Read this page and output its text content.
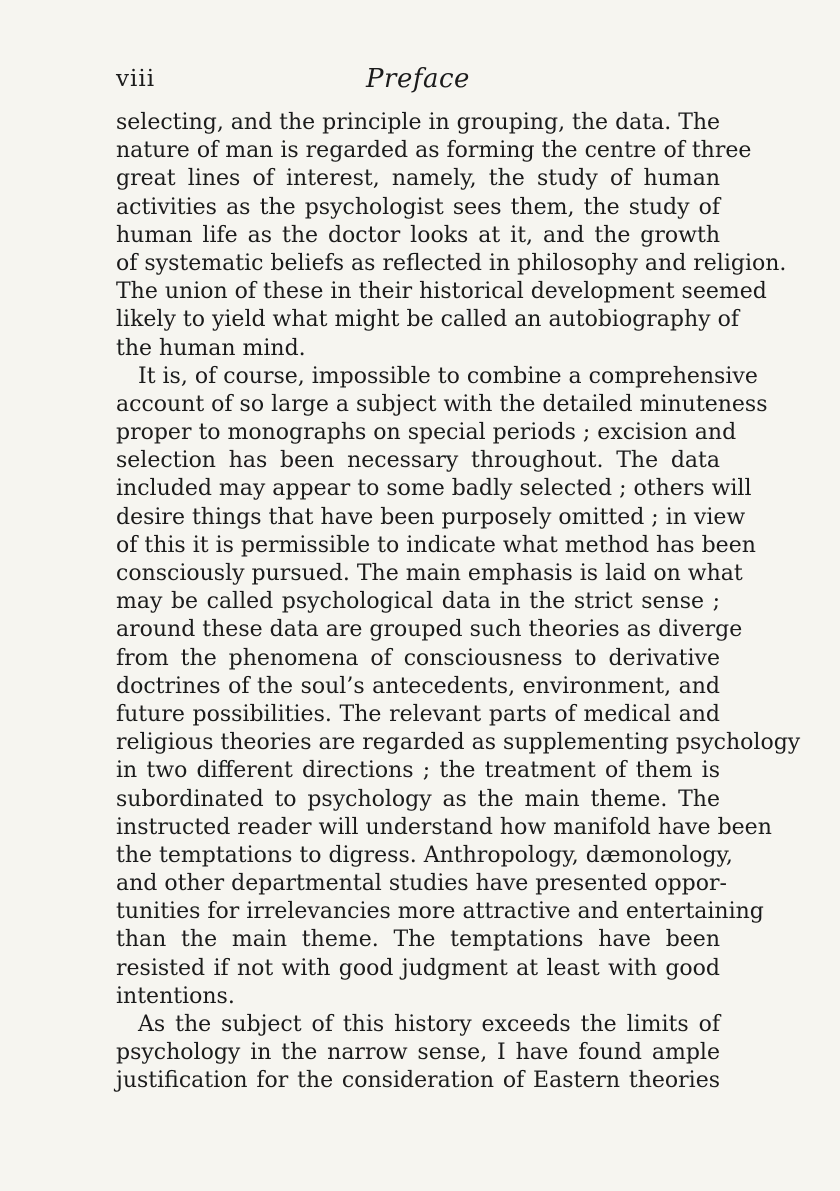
viii	Preface
selecting, and the principle in grouping, the data. The
nature of man is regarded as forming the centre of three
great lines of interest, namely, the study of human
activities as the psychologist sees them, the study of
human life as the doctor looks at it, and the growth
of systematic beliefs as reflected in philosophy and religion.
The union of these in their historical development seemed
likely to yield what might be called an autobiography of
the human mind.
It is, of course, impossible to combine a comprehensive
account of so large a subject with the detailed minuteness
proper to monographs on special periods ; excision and
selection has been necessary throughout. The data
included may appear to some badly selected ; others will
desire things that have been purposely omitted ; in view
of this it is permissible to indicate what method has been
consciously pursued. The main emphasis is laid on what
may be called psychological data in the strict sense ;
around these data are grouped such theories as diverge
from the phenomena of consciousness to derivative
doctrines of the soul’s antecedents, environment, and
future possibilities. The relevant parts of medical and
religious theories are regarded as supplementing psychology
in two different directions ; the treatment of them is
subordinated to psychology as the main theme. The
instructed reader will understand how manifold have been
the temptations to digress. Anthropology, dæmonology,
and other departmental studies have presented oppor-
tunities for irrelevancies more attractive and entertaining
than the main theme. The temptations have been
resisted if not with good judgment at least with good
intentions.
As the subject of this history exceeds the limits of
psychology in the narrow sense, I have found ample
justification for the consideration of Eastern theories
